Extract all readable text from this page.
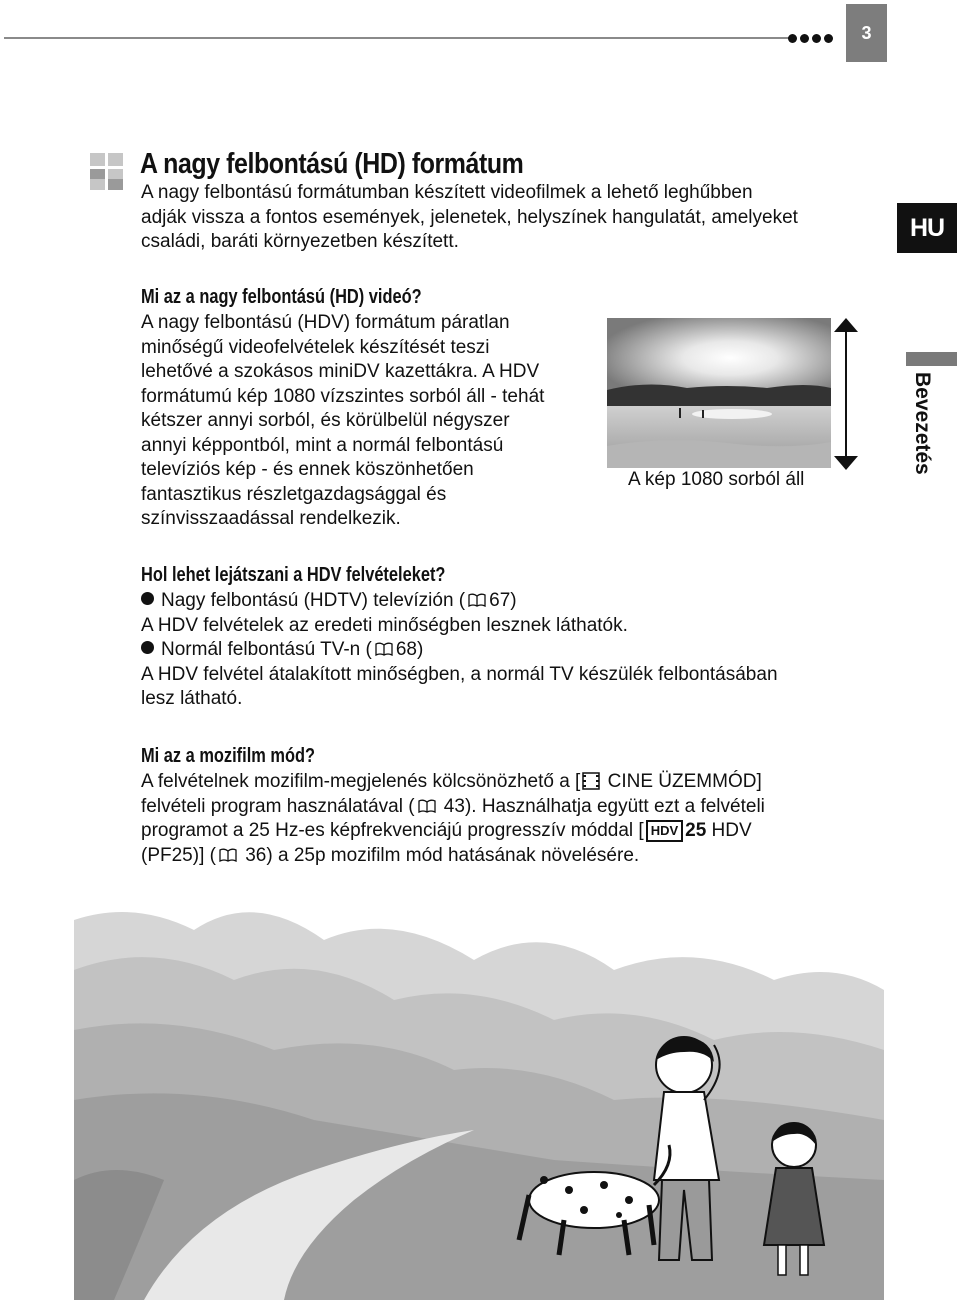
3
HU
Bevezetés
A nagy felbontású (HD) formátum

A nagy felbontású formátumban készített videofilmek a lehető leghűbben

adják vissza a fontos események, jelenetek, helyszínek hangulatát, amelyeket

családi, baráti környezetben készített.

Mi az a nagy felbontású (HD) videó?

A nagy felbontású (HDV) formátum páratlan

minőségű videofelvételek készítését teszi

lehetővé a szokásos miniDV kazettákra. A HDV

formátumú kép 1080 vízszintes sorból áll - tehát

kétszer annyi sorból, és körülbelül négyszer

annyi képpontból, mint a normál felbontású

televíziós kép - és ennek köszönhetően

fantasztikus részletgazdagsággal és

színvisszaadással rendelkezik.

A kép 1080 sorból áll
Hol lehet lejátszani a HDV felvételeket?

Nagy felbontású (HDTV) televízión ( 67)

A HDV felvételek az eredeti minőségben lesznek láthatók.

Normál felbontású TV-n ( 68)

A HDV felvétel átalakított minőségben, a normál TV készülék felbontásában

lesz látható.

Mi az a mozifilm mód?

A felvételnek mozifilm-megjelenés kölcsönözhető a [ CINE ÜZEMMÓD]

felvételi program használatával ( 43). Használhatja együtt ezt a felvételi

programot a 25 Hz-es képfrekvenciájú progresszív móddal [ HDV 25 HDV

(PF25)] ( 36) a 25p mozifilm mód hatásának növelésére.
